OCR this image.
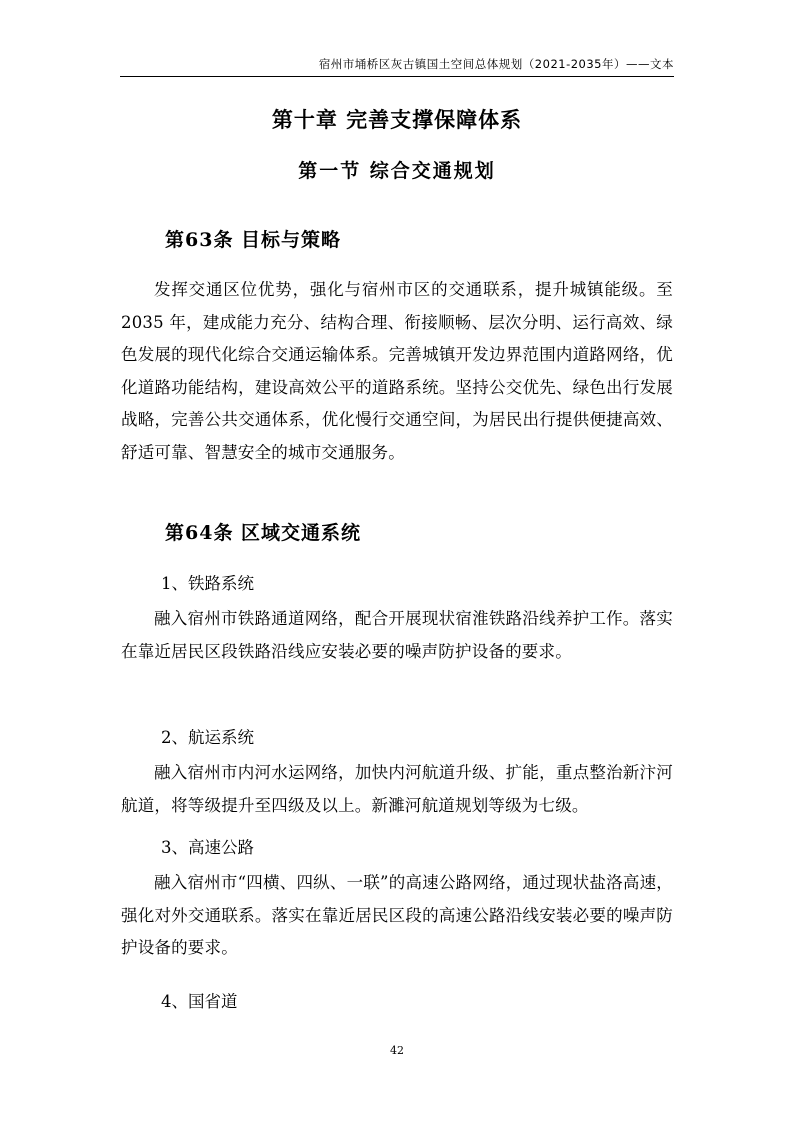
宿州市埇桥区灰古镇国土空间总体规划（2021-2035年）——文本
第十章 完善支撑保障体系
第一节 综合交通规划
第63条 目标与策略
发挥交通区位优势，强化与宿州市区的交通联系，提升城镇能级。至 2035 年，建成能力充分、结构合理、衔接顺畅、层次分明、运行高效、绿色发展的现代化综合交通运输体系。完善城镇开发边界范围内道路网络，优化道路功能结构，建设高效公平的道路系统。坚持公交优先、绿色出行发展战略，完善公共交通体系，优化慢行交通空间，为居民出行提供便捷高效、舒适可靠、智慧安全的城市交通服务。
第64条 区域交通系统
1、铁路系统
融入宿州市铁路通道网络，配合开展现状宿淮铁路沿线养护工作。落实在靠近居民区段铁路沿线应安装必要的噪声防护设备的要求。
2、航运系统
融入宿州市内河水运网络，加快内河航道升级、扩能，重点整治新汴河航道，将等级提升至四级及以上。新濉河航道规划等级为七级。
3、高速公路
融入宿州市“四横、四纵、一联”的高速公路网络，通过现状盐洛高速，强化对外交通联系。落实在靠近居民区段的高速公路沿线安装必要的噪声防护设备的要求。
4、国省道
42
